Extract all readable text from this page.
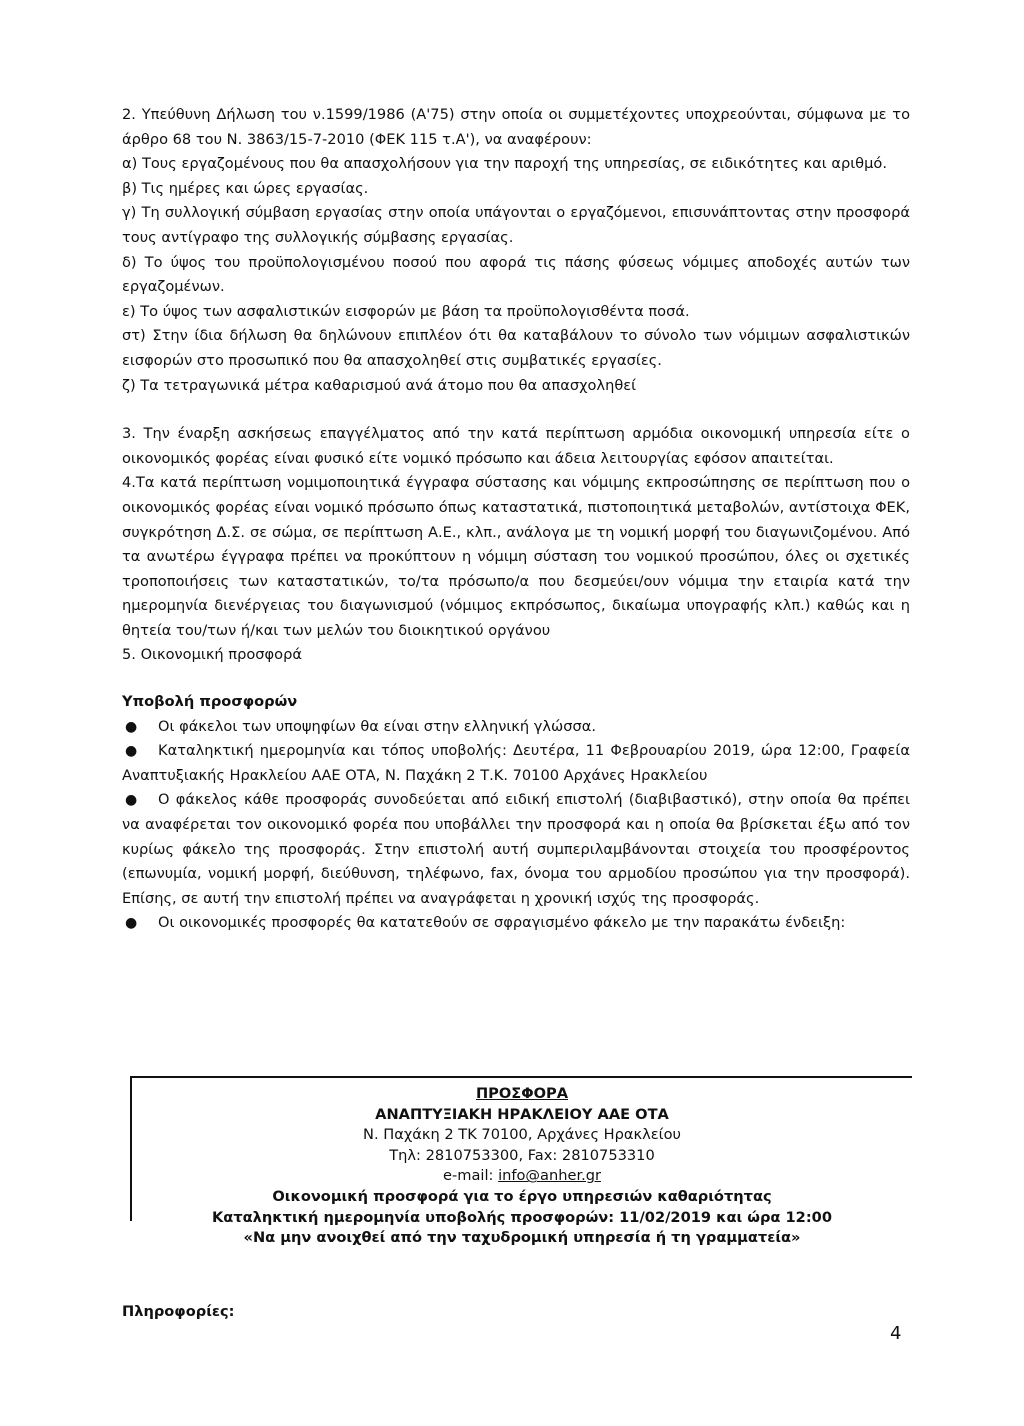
2. Υπεύθυνη Δήλωση του ν.1599/1986 (Α'75) στην οποία οι συμμετέχοντες υποχρεούνται, σύμφωνα με το άρθρο 68 του Ν. 3863/15-7-2010 (ΦΕΚ 115 τ.Α'), να αναφέρουν:

α) Τους εργαζομένους που θα απασχολήσουν για την παροχή της υπηρεσίας, σε ειδικότητες και αριθμό.

β) Τις ημέρες και ώρες εργασίας.

γ) Τη συλλογική σύμβαση εργασίας στην οποία υπάγονται ο εργαζόμενοι, επισυνάπτοντας στην προσφορά τους αντίγραφο της συλλογικής σύμβασης εργασίας.

δ) Το ύψος του προϋπολογισμένου ποσού που αφορά τις πάσης φύσεως νόμιμες αποδοχές αυτών των εργαζομένων.

ε) Το ύψος των ασφαλιστικών εισφορών με βάση τα προϋπολογισθέντα ποσά.

στ) Στην ίδια δήλωση θα δηλώνουν επιπλέον ότι θα καταβάλουν το σύνολο των νόμιμων ασφαλιστικών εισφορών στο προσωπικό που θα απασχοληθεί στις συμβατικές εργασίες.

ζ) Τα τετραγωνικά μέτρα καθαρισμού ανά άτομο που θα απασχοληθεί

3. Την έναρξη ασκήσεως επαγγέλματος από την κατά περίπτωση αρμόδια οικονομική υπηρεσία είτε ο οικονομικός φορέας είναι φυσικό είτε νομικό πρόσωπο και άδεια λειτουργίας εφόσον απαιτείται.

4.Τα κατά περίπτωση νομιμοποιητικά έγγραφα σύστασης και νόμιμης εκπροσώπησης σε περίπτωση που ο οικονομικός φορέας είναι νομικό πρόσωπο όπως καταστατικά, πιστοποιητικά μεταβολών, αντίστοιχα ΦΕΚ, συγκρότηση Δ.Σ. σε σώμα, σε περίπτωση Α.Ε., κλπ., ανάλογα με τη νομική μορφή του διαγωνιζομένου. Από τα ανωτέρω έγγραφα πρέπει να προκύπτουν η νόμιμη σύσταση του νομικού προσώπου, όλες οι σχετικές τροποποιήσεις των καταστατικών, το/τα πρόσωπο/α που δεσμεύει/ουν νόμιμα την εταιρία κατά την ημερομηνία διενέργειας του διαγωνισμού (νόμιμος εκπρόσωπος, δικαίωμα υπογραφής κλπ.) καθώς και η θητεία του/των ή/και των μελών του διοικητικού οργάνου

5. Οικονομική προσφορά

Υποβολή προσφορών

●	Οι φάκελοι των υποψηφίων θα είναι στην ελληνική γλώσσα.
●	Καταληκτική ημερομηνία και τόπος υποβολής: Δευτέρα, 11 Φεβρουαρίου 2019, ώρα 12:00, Γραφεία Αναπτυξιακής Ηρακλείου ΑΑΕ ΟΤΑ, Ν. Παχάκη 2 Τ.Κ. 70100 Αρχάνες Ηρακλείου
●	Ο φάκελος κάθε προσφοράς συνοδεύεται από ειδική επιστολή (διαβιβαστικό), στην οποία θα πρέπει να αναφέρεται τον οικονομικό φορέα που υποβάλλει την προσφορά και η οποία θα βρίσκεται έξω από τον κυρίως φάκελο της προσφοράς. Στην επιστολή αυτή συμπεριλαμβάνονται στοιχεία του προσφέροντος (επωνυμία, νομική μορφή, διεύθυνση, τηλέφωνο, fax, όνομα του αρμοδίου προσώπου για την προσφορά). Επίσης, σε αυτή την επιστολή πρέπει να αναγράφεται η χρονική ισχύς της προσφοράς.
●	Οι οικονομικές προσφορές θα κατατεθούν σε σφραγισμένο φάκελο με την παρακάτω ένδειξη:
ΠΡΟΣΦΟΡΑ
ΑΝΑΠΤΥΞΙΑΚΗ ΗΡΑΚΛΕΙΟΥ ΑΑΕ ΟΤΑ
Ν. Παχάκη 2 ΤΚ 70100, Αρχάνες Ηρακλείου
Τηλ: 2810753300, Fax: 2810753310
e-mail: info@anher.gr
Οικονομική προσφορά για το έργο υπηρεσιών καθαριότητας
Καταληκτική ημερομηνία υποβολής προσφορών: 11/02/2019 και ώρα 12:00
«Να μην ανοιχθεί από την ταχυδρομική υπηρεσία ή τη γραμματεία»
Πληροφορίες:
4
